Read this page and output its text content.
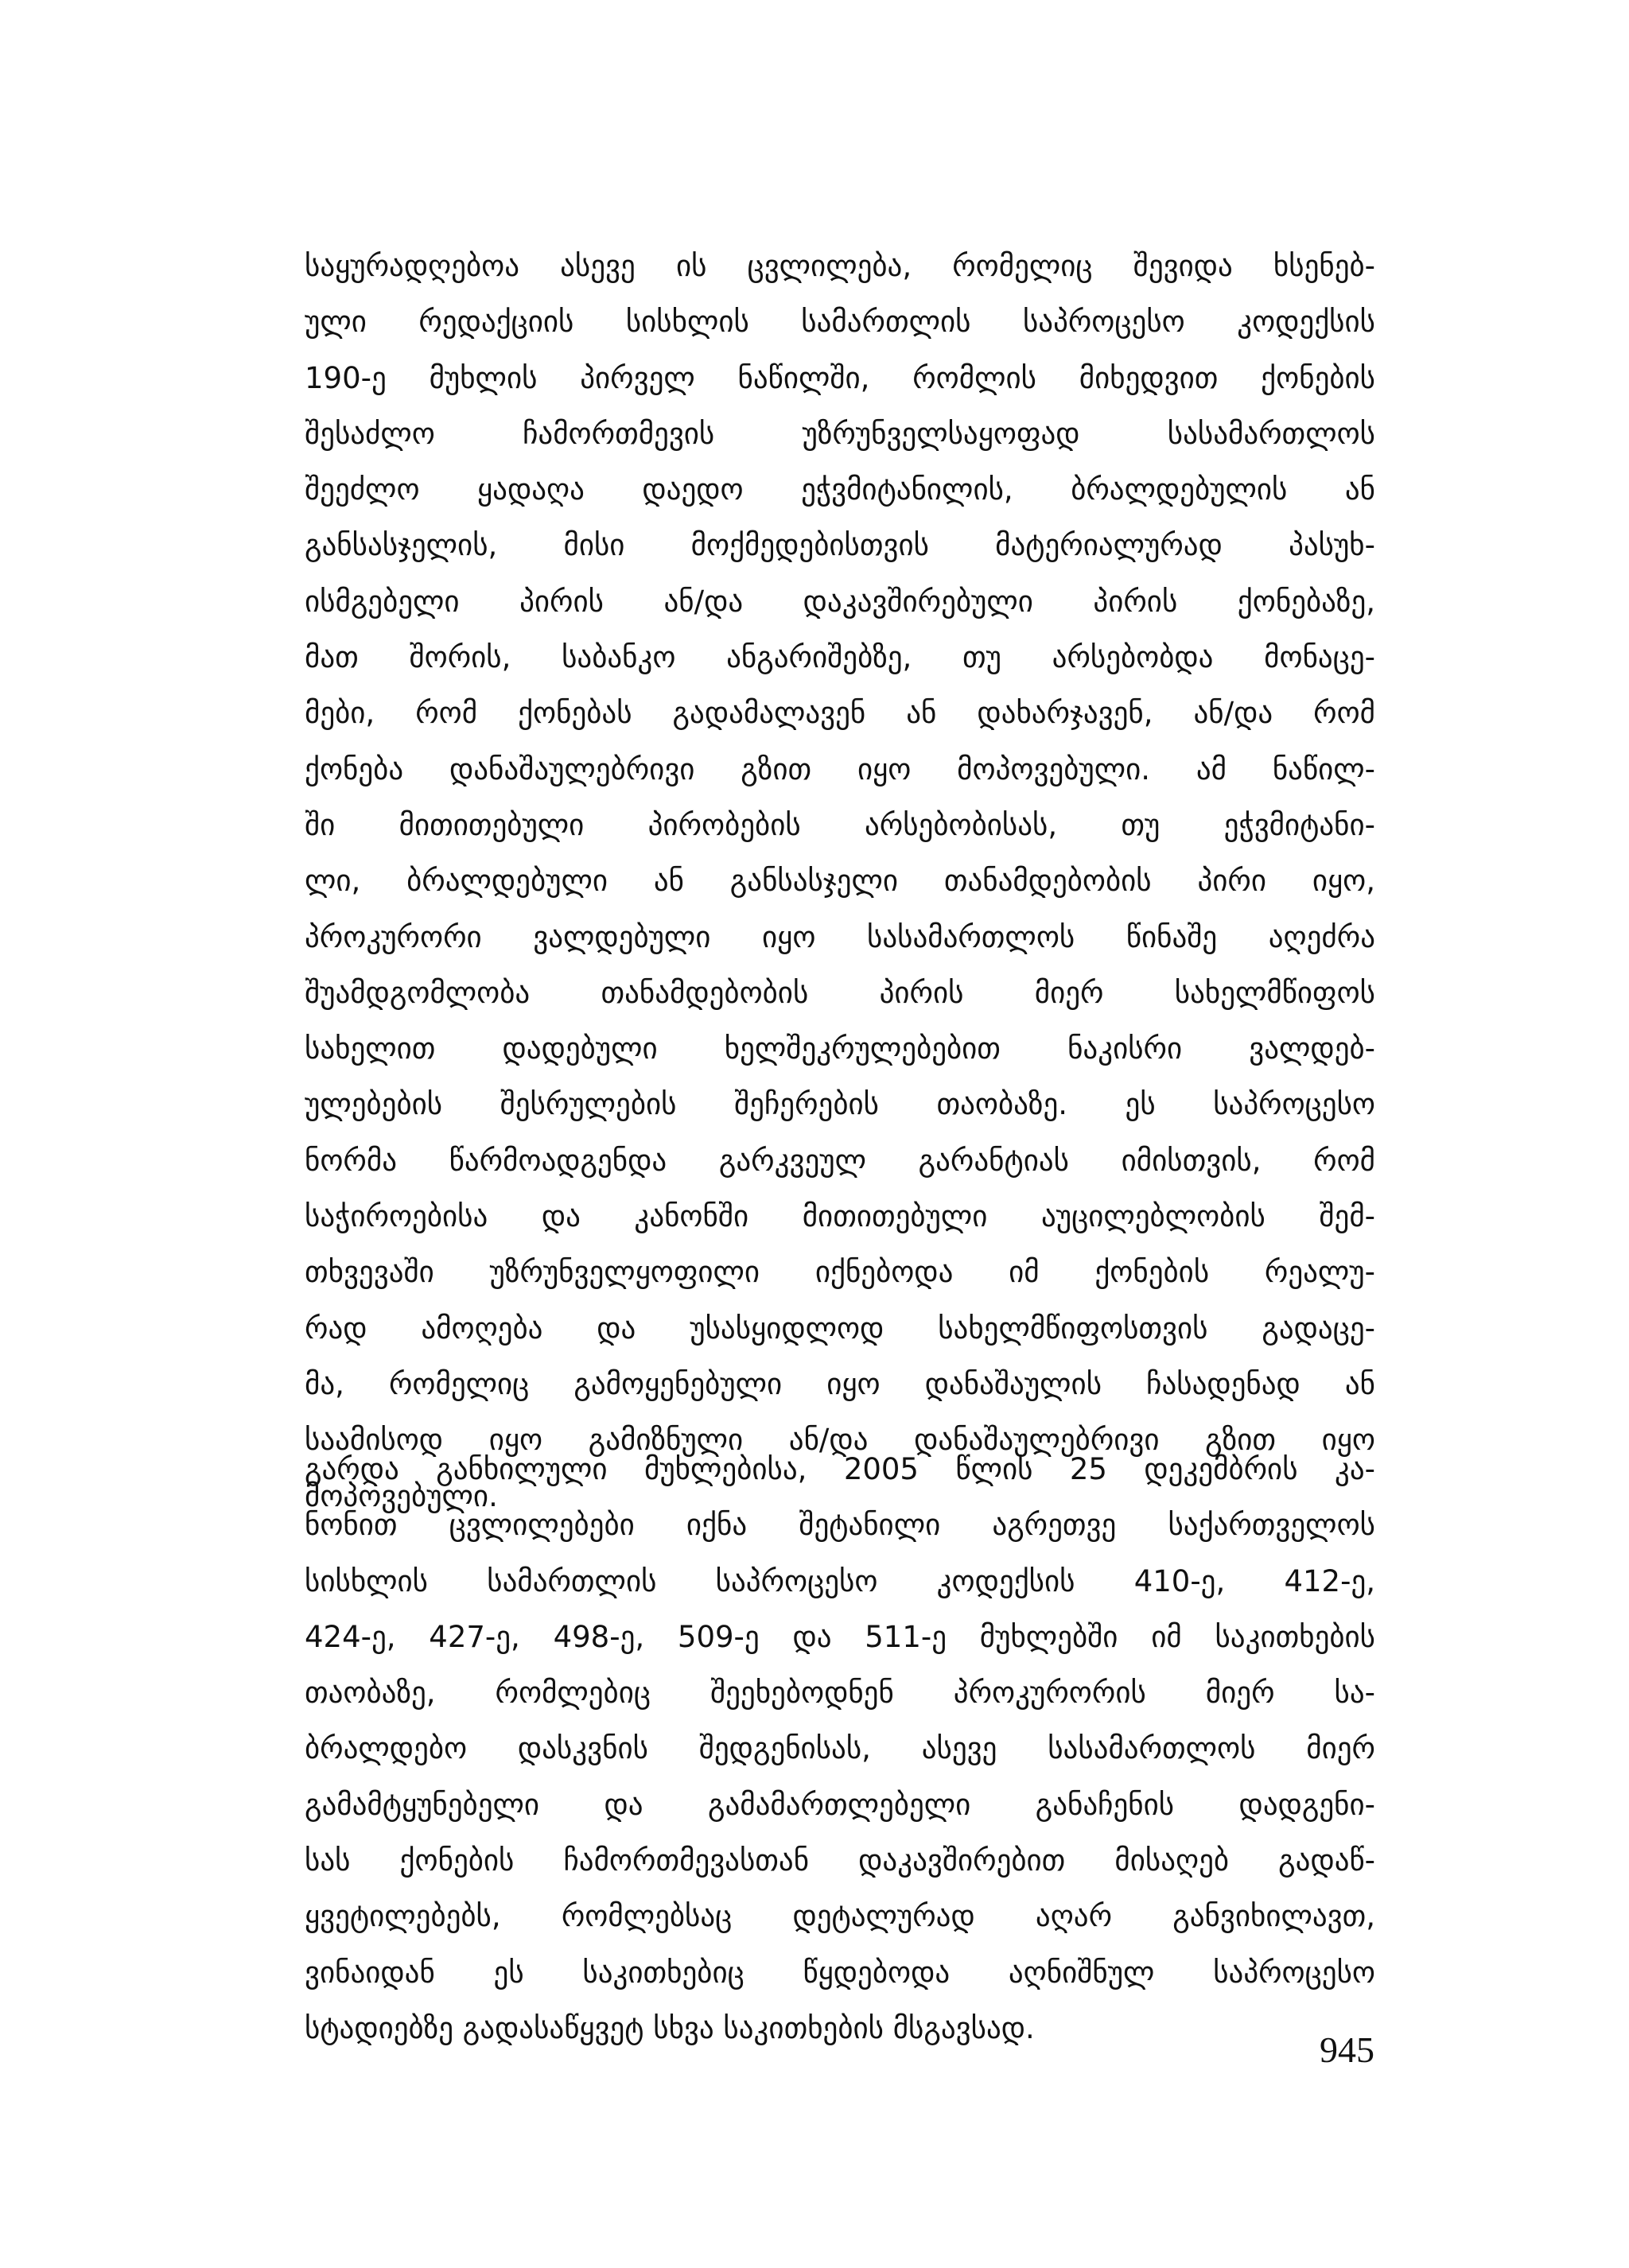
საყურადღებოა ასევე ის ცვლილება, რომელიც შევიდა ხსენებ-
ული რედაქციის სისხლის სამართლის საპროცესო კოდექსის
190-ე მუხლის პირველ ნაწილში, რომლის მიხედვით ქონების
შესაძლო ჩამორთმევის უზრუნველსაყოფად სასამართლოს
შეეძლო ყადაღა დაედო ეჭვმიტანილის, ბრალდებულის ან
განსასჯელის, მისი მოქმედებისთვის მატერიალურად პასუხ-
ისმგებელი პირის ან/და დაკავშირებული პირის ქონებაზე,
მათ შორის, საბანკო ანგარიშებზე, თუ არსებობდა მონაცე-
მები, რომ ქონებას გადამალავენ ან დახარჯავენ, ან/და რომ
ქონება დანაშაულებრივი გზით იყო მოპოვებული. ამ ნაწილ-
ში მითითებული პირობების არსებობისას, თუ ეჭვმიტანი-
ლი, ბრალდებული ან განსასჯელი თანამდებობის პირი იყო,
პროკურორი ვალდებული იყო სასამართლოს წინაშე აღეძრა
შუამდგომლობა თანამდებობის პირის მიერ სახელმწიფოს
სახელით დადებული ხელშეკრულებებით ნაკისრი ვალდებ-
ულებების შესრულების შეჩერების თაობაზე. ეს საპროცესო
ნორმა წარმოადგენდა გარკვეულ გარანტიას იმისთვის, რომ
საჭიროებისა და კანონში მითითებული აუცილებლობის შემ-
თხვევაში უზრუნველყოფილი იქნებოდა იმ ქონების რეალუ-
რად ამოღება და უსასყიდლოდ სახელმწიფოსთვის გადაცე-
მა, რომელიც გამოყენებული იყო დანაშაულის ჩასადენად ან
საამისოდ იყო გამიზნული ან/და დანაშაულებრივი გზით იყო
მოპოვებული.
გარდა განხილული მუხლებისა, 2005 წლის 25 დეკემბრის კა-
ნონით ცვლილებები იქნა შეტანილი აგრეთვე საქართველოს
სისხლის სამართლის საპროცესო კოდექსის 410-ე, 412-ე,
424-ე, 427-ე, 498-ე, 509-ე და 511-ე მუხლებში იმ საკითხების
თაობაზე, რომლებიც შეეხებოდნენ პროკურორის მიერ სა-
ბრალდებო დასკვნის შედგენისას, ასევე სასამართლოს მიერ
გამამტყუნებელი და გამამართლებელი განაჩენის დადგენი-
სას ქონების ჩამორთმევასთან დაკავშირებით მისაღებ გადაწ-
ყვეტილებებს, რომლებსაც დეტალურად აღარ განვიხილავთ,
ვინაიდან ეს საკითხებიც წყდებოდა აღნიშნულ საპროცესო
სტადიებზე გადასაწყვეტ სხვა საკითხების მსგავსად.
945
